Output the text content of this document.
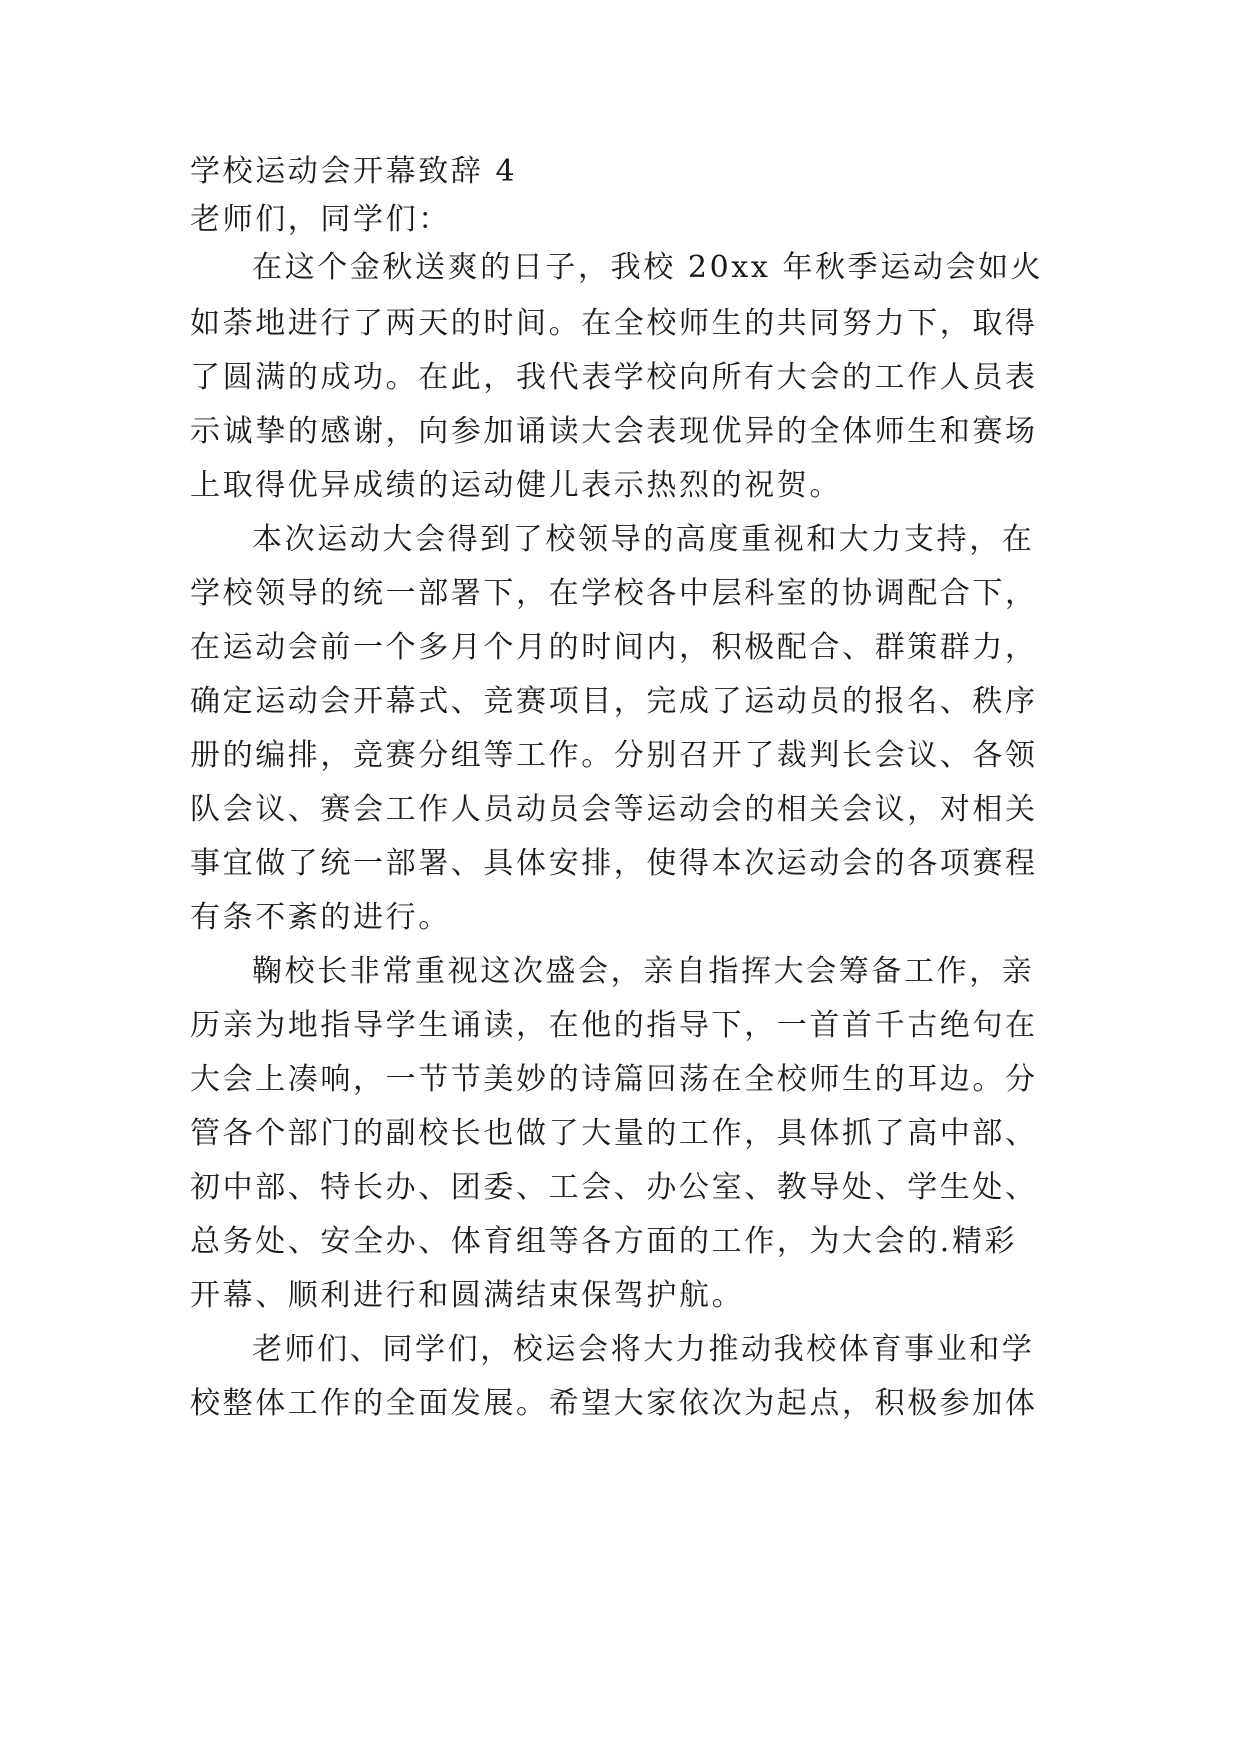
学校运动会开幕致辞 4
老师们，同学们：
在这个金秋送爽的日子，我校 20xx 年秋季运动会如火
如荼地进行了两天的时间。在全校师生的共同努力下，取得
了圆满的成功。在此，我代表学校向所有大会的工作人员表
示诚挚的感谢，向参加诵读大会表现优异的全体师生和赛场
上取得优异成绩的运动健儿表示热烈的祝贺。
本次运动大会得到了校领导的高度重视和大力支持，在
学校领导的统一部署下，在学校各中层科室的协调配合下，
在运动会前一个多月个月的时间内，积极配合、群策群力，
确定运动会开幕式、竞赛项目，完成了运动员的报名、秩序
册的编排，竞赛分组等工作。分别召开了裁判长会议、各领
队会议、赛会工作人员动员会等运动会的相关会议，对相关
事宜做了统一部署、具体安排，使得本次运动会的各项赛程
有条不紊的进行。
鞠校长非常重视这次盛会，亲自指挥大会筹备工作，亲
历亲为地指导学生诵读，在他的指导下，一首首千古绝句在
大会上凑响，一节节美妙的诗篇回荡在全校师生的耳边。分
管各个部门的副校长也做了大量的工作，具体抓了高中部、
初中部、特长办、团委、工会、办公室、教导处、学生处、
总务处、安全办、体育组等各方面的工作，为大会的.精彩
开幕、顺利进行和圆满结束保驾护航。
老师们、同学们，校运会将大力推动我校体育事业和学
校整体工作的全面发展。希望大家依次为起点，积极参加体
